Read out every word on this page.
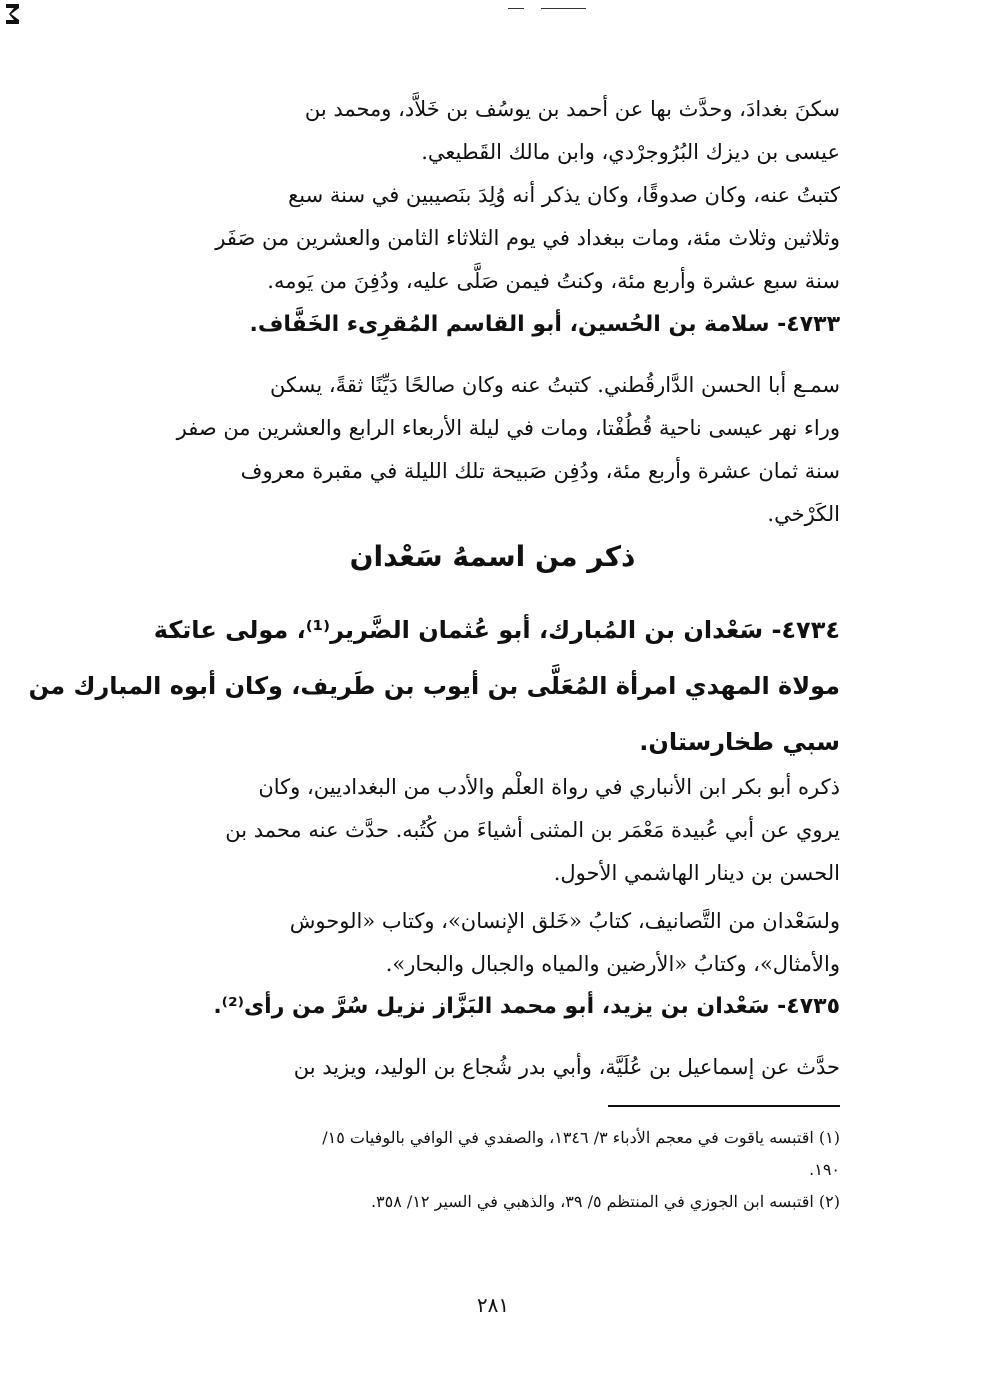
سكنَ بغدادَ، وحدَّث بها عن أحمد بن يوسُف بن خَلاَّد، ومحمد بن
عيسى بن ديزك البُرُوجرْدي، وابن مالك القَطيعي.
كتبتُ عنه، وكان صدوقًا، وكان يذكر أنه وُلِدَ بنَصيبين في سنة سبع
وثلاثين وثلاث مئة، ومات ببغداد في يوم الثلاثاء الثامن والعشرين من صَفَر
سنة سبع عشرة وأربع مئة، وكنتُ فيمن صَلَّى عليه، ودُفِنَ من يَومه.
٤٧٣٣- سلامة بن الحُسين، أبو القاسم المُقرِىء الخَفَّاف.
سمـع أبا الحسن الدَّارقُطني. كتبتُ عنه وكان صالحًا دَيِّنًا ثقةً، يسكن
وراء نهر عيسى ناحية قُطُفْتا، ومات في ليلة الأربعاء الرابع والعشرين من صفر
سنة ثمان عشرة وأربع مئة، ودُفِن صَبيحة تلك الليلة في مقبرة معروف
الكَرْخي.
ذكر من اسمهُ سَعْدان
٤٧٣٤- سَعْدان بن المُبارك، أبو عُثمان الضَّرير⁽¹⁾، مولى عاتكة
مولاة المهدي امرأة المُعَلَّى بن أيوب بن طَريف، وكان أبوه المبارك من
سبي طخارستان.
ذكره أبو بكر ابن الأنباري في رواة العلْم والأدب من البغداديين، وكان
يروي عن أبي عُبيدة مَعْمَر بن المثنى أشياءَ من كُتُبه. حدَّث عنه محمد بن
الحسن بن دينار الهاشمي الأحول.
ولسَعْدان من التَّصانيف، كتابُ «خَلق الإنسان»، وكتاب «الوحوش
والأمثال»، وكتابُ «الأرضين والمياه والجبال والبحار».
٤٧٣٥- سَعْدان بن يزيد، أبو محمد البَزَّاز نزيل سُرَّ من رأى⁽²⁾.
حدَّث عن إسماعيل بن عُلَيَّة، وأبي بدر شُجاع بن الوليد، ويزيد بن
(١) اقتبسه ياقوت في معجم الأدباء ٣/ ١٣٤٦، والصفدي في الوافي بالوفيات ١٥/
١٩٠.
(٢) اقتبسه ابن الجوزي في المنتظم ٥/ ٣٩، والذهبي في السير ١٢/ ٣٥٨.
٢٨١
